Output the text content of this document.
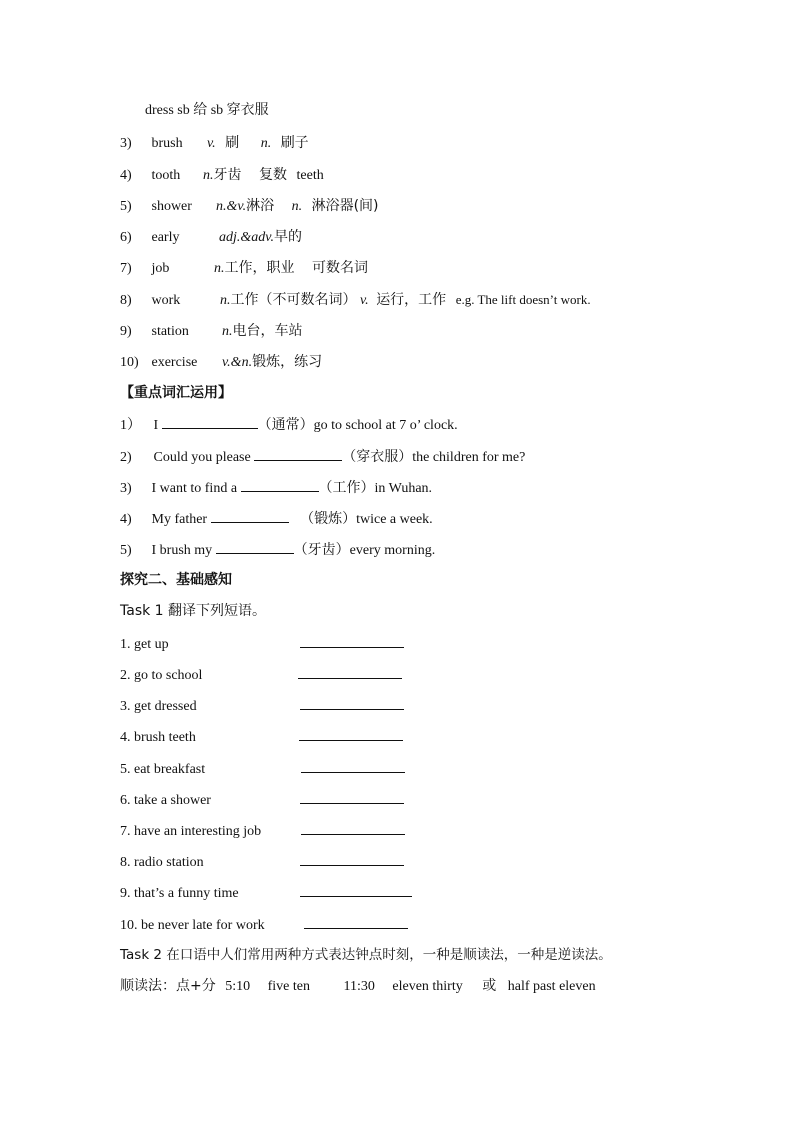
dress sb 给 sb 穿衣服
3) brush v. 刷 n. 刷子
4) tooth n.牙齿 复数 teeth
5) shower n.&v.淋浴 n. 淋浴器(间)
6) early	adj.&adv.早的
7) job	n.工作，职业 可数名词
8) work	n.工作（不可数名词） v. 运行，工作 e.g. The lift doesn’t work.
9) station n.电台，车站
10) exercise v.&n.锻炼，练习
【重点词汇运用】
1） I	（通常）go to school at 7 o’ clock.
2) Could you please	（穿衣服）the children for me?
3) I want to find a	（工作）in Wuhan.
4) My father	（锻炼）twice a week.
5) I brush my	（牙齿）every morning.
探究二、基础感知
Task 1 翻译下列短语。
1. get up
2. go to school
3. get dressed
4. brush teeth
5. eat breakfast
6. take a shower
7. have an interesting job
8. radio station
9. that’s a funny time
10. be never late for work
Task 2 在口语中人们常用两种方式表达钟点时刻，一种是顺读法，一种是逆读法。
顺读法：点+分 5:10 five ten 11:30 eleven thirty 或 half past eleven
